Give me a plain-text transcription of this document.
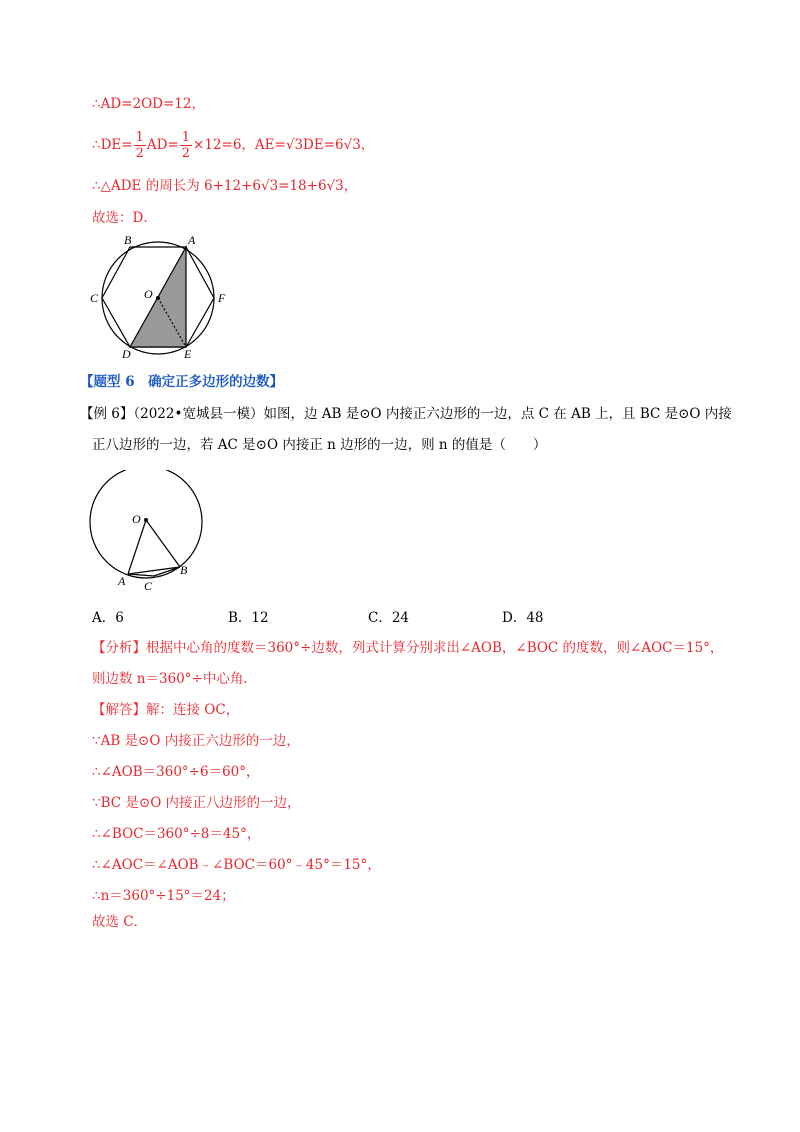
∴AD=2OD=12，
∴DE= $\frac{1}{2} AD= \frac{1}{2} \times 12=6$，AE=√3DE=6√3，
∴△ADE 的周长为 6+12+6√3=18+6√3，
故选：D．
B	A
C	O	F
D	E
【题型 6　确定正多边形的边数】
【例 6】（2022•宽城县一模）如图，边 AB 是⊙O 内接正六边形的一边，点 C 在 AB 上，且 BC 是⊙O 内接
正八边形的一边，若 AC 是⊙O 内接正 n 边形的一边，则 n 的值是（　　）
O
A
B
C
A．6	B．12	C．24	D．48
【分析】根据中心角的度数＝360°÷边数，列式计算分别求出∠AOB，∠BOC 的度数，则∠AOC＝15°，
则边数 n＝360°÷中心角．
【解答】解：连接 OC，
∵AB 是⊙O 内接正六边形的一边，
∴∠AOB＝360°÷6＝60°，
∵BC 是⊙O 内接正八边形的一边，
∴∠BOC＝360°÷8＝45°，
∴∠AOC＝∠AOB﹣∠BOC＝60°﹣45°＝15°，
∴n＝360°÷15°＝24；
故选 C．
